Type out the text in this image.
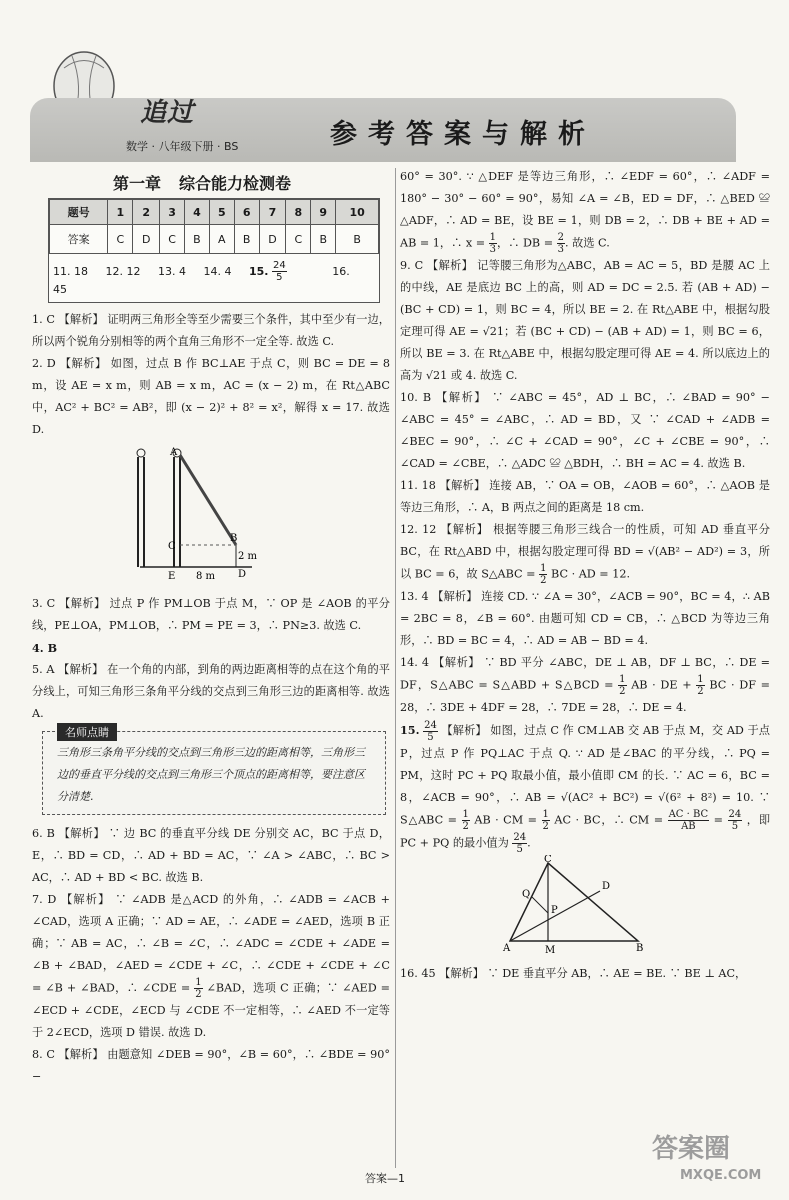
追过
数学 · 八年级下册 · BS	参考答案与解析
第一章 综合能力检测卷
题号	1	2	3	4	5	6	7	8	9	10
答案	C	D	C	B	A	B	D	C	B	B
11. 18 12. 12 13. 4 14. 4 15. $\frac{24}{5}$	16. 45

1. C 【解析】 证明两三角形全等至少需要三个条件，其中至少有一边，所以两个锐角分别相等的两个直角三角形不一定全等. 故选 C.

2. D 【解析】 如图，过点 B 作 BC⊥AE 于点 C，则 BC = DE = 8 m，设 AE = x m，则 AB = x m，AC = (x − 2) m，在 Rt△ABC 中，AC² + BC² = AB²，即 (x − 2)² + 8² = x²，解得 x = 17. 故选 D.

A
B
C
D
E 8 m
2 m

3. C 【解析】 过点 P 作 PM⊥OB 于点 M，∵ OP 是 ∠AOB 的平分线，PE⊥OA，PM⊥OB，∴ PM = PE = 3，∴ PN≥3. 故选 C.

4. B

5. A 【解析】 在一个角的内部，到角的两边距离相等的点在这个角的平分线上，可知三角形三条角平分线的交点到三角形三边的距离相等. 故选 A.

名师点睛

三角形三条角平分线的交点到三角形三边的距离相等，三角形三边的垂直平分线的交点到三角形三个顶点的距离相等，要注意区分清楚.

6. B 【解析】 ∵ 边 BC 的垂直平分线 DE 分别交 AC，BC 于点 D，E，∴ BD = CD，∴ AD + BD = AC，∵ ∠A > ∠ABC，∴ BC > AC，∴ AD + BD < BC. 故选 B.

7. D 【解析】 ∵ ∠ADB 是△ACD 的外角，∴ ∠ADB = ∠ACB + ∠CAD，选项 A 正确；∵ AD = AE，∴ ∠ADE = ∠AED，选项 B 正确；∵ AB = AC，∴ ∠B = ∠C，∴ ∠ADC = ∠CDE + ∠ADE = ∠B + ∠BAD，∠AED = ∠CDE + ∠C，∴ ∠CDE + ∠CDE + ∠C = ∠B + ∠BAD，∴ ∠CDE = $\frac{1}{2}$ ∠BAD，选项 C 正确；∵ ∠AED = ∠ECD + ∠CDE，∠ECD 与 ∠CDE 不一定相等，∴ ∠AED 不一定等于 2∠ECD，选项 D 错误. 故选 D.

8. C 【解析】 由题意知 ∠DEB = 90°，∠B = 60°，∴ ∠BDE = 90° −

60° = 30°. ∵ △DEF 是等边三角形，∴ ∠EDF = 60°，∴ ∠ADF = 180° − 30° − 60° = 90°，易知 ∠A = ∠B，ED = DF，∴ △BED ≌ △ADF，∴ AD = BE，设 BE = 1，则 DB = 2，∴ DB + BE + AD = AB = 1，∴ $x = \frac{1}{3}$ ，∴ DB = $\frac{2}{3}$ . 故选 C.

9. C 【解析】 记等腰三角形为△ABC，AB = AC = 5，BD 是腰 AC 上的中线，AE 是底边 BC 上的高，则 AD = DC = 2.5. 若 (AB + AD) − (BC + CD) = 1，则 BC = 4，所以 BE = 2. 在 Rt△ABE 中，根据勾股定理可得 AE = √21；若 (BC + CD) − (AB + AD) = 1，则 BC = 6，所以 BE = 3. 在 Rt△ABE 中，根据勾股定理可得 AE = 4. 所以底边上的高为 √21 或 4. 故选 C.

10. B 【解析】 ∵ ∠ABC = 45°，AD ⊥ BC，∴ ∠BAD = 90° − ∠ABC = 45° = ∠ABC，∴ AD = BD，又 ∵ ∠CAD + ∠ADB = ∠BEC = 90°，∴ ∠C + ∠CAD = 90°，∠C + ∠CBE = 90°，∴ ∠CAD = ∠CBE，∴ △ADC ≌ △BDH，∴ BH = AC = 4. 故选 B.

11. 18 【解析】 连接 AB，∵ OA = OB，∠AOB = 60°，∴ △AOB 是等边三角形，∴ A，B 两点之间的距离是 18 cm.

12. 12 【解析】 根据等腰三角形三线合一的性质，可知 AD 垂直平分 BC，在 Rt△ABD 中，根据勾股定理可得 BD = √(AB² − AD²) = 3，所以 BC = 6，故 S△ABC = $\frac{1}{2}$ BC · AD = 12.

13. 4 【解析】 连接 CD. ∵ ∠A = 30°，∠ACB = 90°，BC = 4，∴ AB = 2BC = 8，∠B = 60°. 由题可知 CD = CB，∴ △BCD 为等边三角形，∴ BD = BC = 4，∴ AD = AB − BD = 4.

14. 4 【解析】 ∵ BD 平分 ∠ABC，DE ⊥ AB，DF ⊥ BC，∴ DE = DF，S△ABC = S△ABD + S△BCD = $\frac{1}{2}$ AB · DE + $\frac{1}{2}$ BC · DF = 28，∴ 3DE + 4DF = 28，∴ 7DE = 28，∴ DE = 4.

15. $\frac{24}{5}$ 【解析】 如图，过点 C 作 CM⊥AB 交 AB 于点 M，交 AD 于点 P，过点 P 作 PQ⊥AC 于点 Q. ∵ AD 是∠BAC 的平分线，∴ PQ = PM，这时 PC + PQ 取最小值，最小值即 CM 的长. ∵ AC = 6，BC = 8，∠ACB = 90°，∴ AB = √(AC² + BC²) = √(6² + 8²) = 10. ∵ S△ABC = $\frac{1}{2}$ AB · CM = $\frac{1}{2}$ AC · BC，∴ CM = $\frac{AC \cdot BC}{AB} = \frac{24}{5}$ ，即 PC + PQ 的最小值为 $\frac{24}{5}$ .

A	B
C
D
M
P
Q

16. 45 【解析】 ∵ DE 垂直平分 AB，∴ AE = BE. ∵ BE ⊥ AC，

答案—1
答案圈
MXQE.COM
